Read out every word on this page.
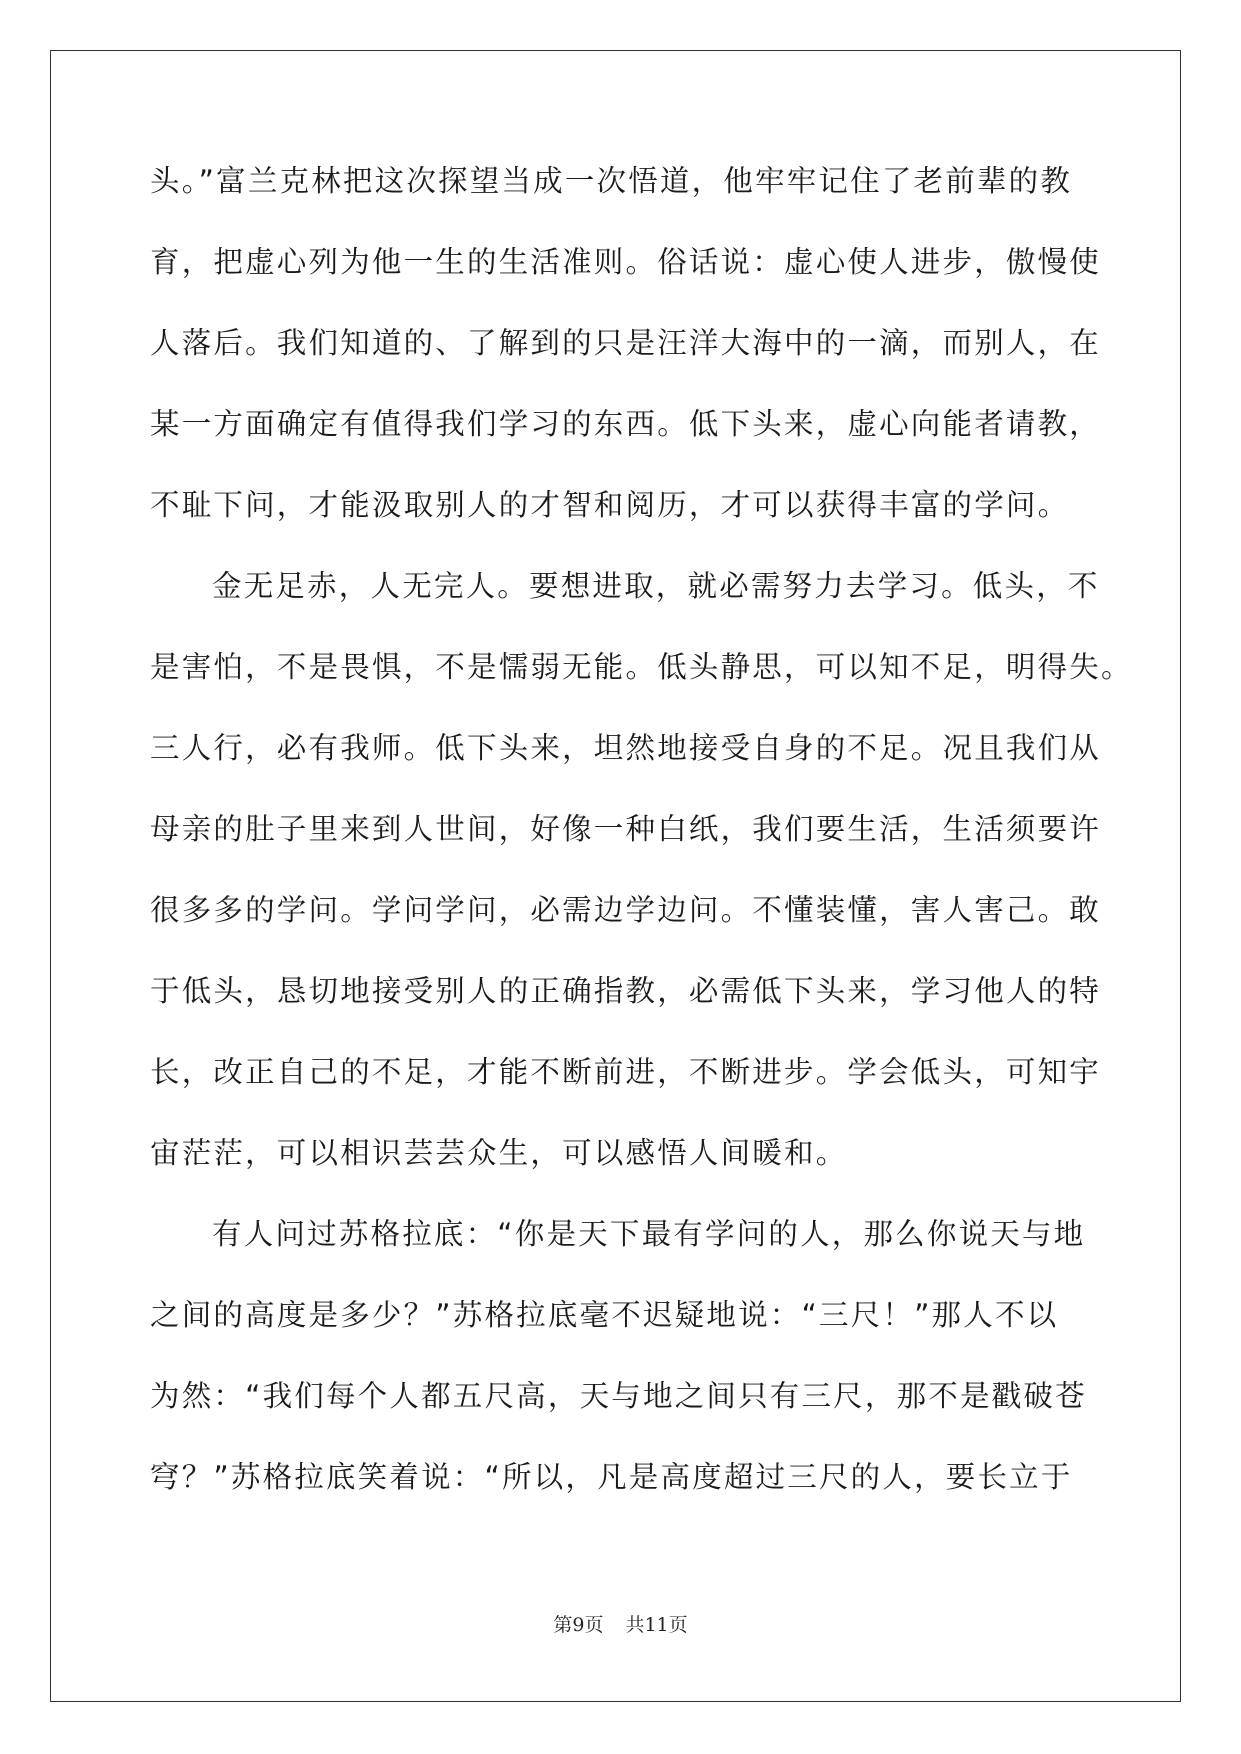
头。”富兰克林把这次探望当成一次悟道，他牢牢记住了老前辈的教
育，把虚心列为他一生的生活准则。俗话说：虚心使人进步，傲慢使
人落后。我们知道的、了解到的只是汪洋大海中的一滴，而别人，在
某一方面确定有值得我们学习的东西。低下头来，虚心向能者请教，
不耻下问，才能汲取别人的才智和阅历，才可以获得丰富的学问。
金无足赤，人无完人。要想进取，就必需努力去学习。低头，不
是害怕，不是畏惧，不是懦弱无能。低头静思，可以知不足，明得失。
三人行，必有我师。低下头来，坦然地接受自身的不足。况且我们从
母亲的肚子里来到人世间，好像一种白纸，我们要生活，生活须要许
很多多的学问。学问学问，必需边学边问。不懂装懂，害人害己。敢
于低头，恳切地接受别人的正确指教，必需低下头来，学习他人的特
长，改正自己的不足，才能不断前进，不断进步。学会低头，可知宇
宙茫茫，可以相识芸芸众生，可以感悟人间暖和。
有人问过苏格拉底：“你是天下最有学问的人，那么你说天与地
之间的高度是多少？”苏格拉底毫不迟疑地说：“三尺！”那人不以
为然：“我们每个人都五尺高，天与地之间只有三尺，那不是戳破苍
穹？”苏格拉底笑着说：“所以，凡是高度超过三尺的人，要长立于
第9页 共11页
